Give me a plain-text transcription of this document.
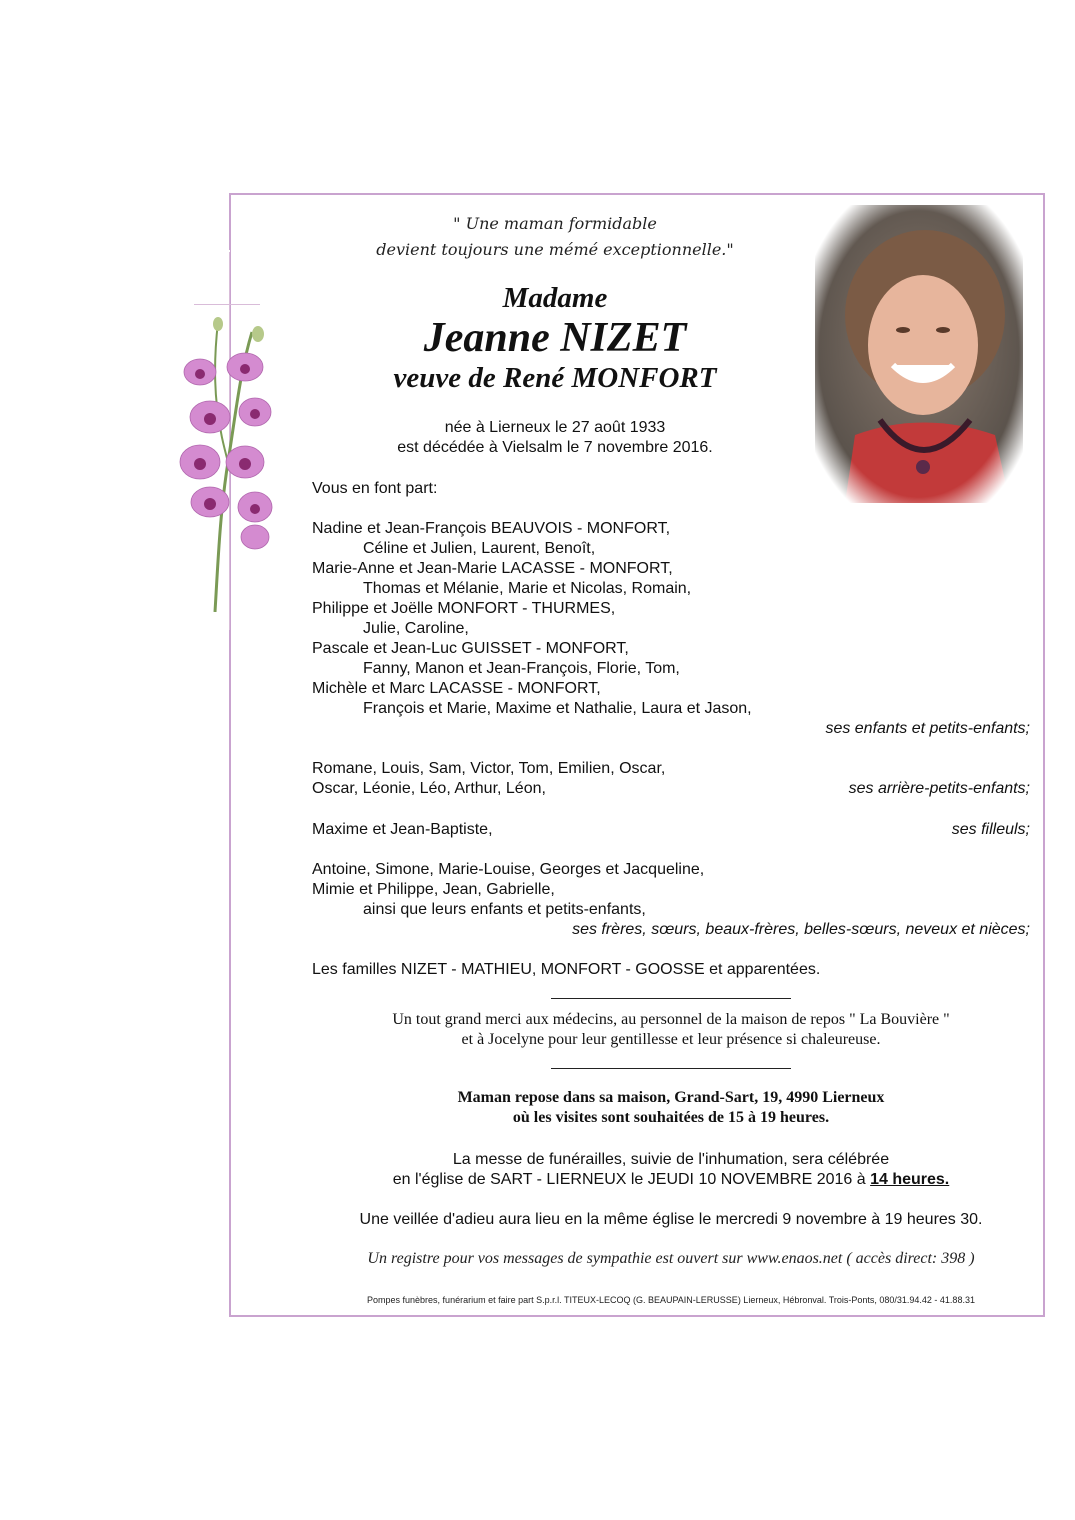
" Une maman formidable
devient toujours une mémé exceptionnelle."
Madame
Jeanne NIZET
veuve de René MONFORT
née à Lierneux le 27 août 1933
est décédée à Vielsalm le 7 novembre 2016.
Vous en font part:
Nadine et Jean-François BEAUVOIS - MONFORT,
Céline et Julien, Laurent, Benoît,
Marie-Anne et Jean-Marie LACASSE - MONFORT,
Thomas et Mélanie, Marie et Nicolas, Romain,
Philippe et Joëlle MONFORT - THURMES,
Julie, Caroline,
Pascale et Jean-Luc GUISSET - MONFORT,
Fanny, Manon et Jean-François, Florie, Tom,
Michèle et Marc LACASSE - MONFORT,
François et Marie, Maxime et Nathalie, Laura et Jason,
ses enfants et petits-enfants;
Romane, Louis, Sam, Victor, Tom, Emilien, Oscar,
Oscar, Léonie, Léo, Arthur, Léon,	ses arrière-petits-enfants;
Maxime et Jean-Baptiste,	ses filleuls;
Antoine, Simone, Marie-Louise, Georges et Jacqueline,
Mimie et Philippe, Jean, Gabrielle,
ainsi que leurs enfants et petits-enfants,
ses frères, sœurs, beaux-frères, belles-sœurs, neveux et nièces;
Les familles NIZET - MATHIEU, MONFORT - GOOSSE et apparentées.
Un tout grand merci aux médecins, au personnel de la maison de repos " La Bouvière "
et à Jocelyne pour leur gentillesse et leur présence si chaleureuse.
Maman repose dans sa maison, Grand-Sart, 19, 4990 Lierneux
où les visites sont souhaitées de 15 à 19 heures.
La messe de funérailles, suivie de l'inhumation, sera célébrée
en l'église de SART - LIERNEUX le JEUDI 10 NOVEMBRE 2016 à 14 heures.
Une veillée d'adieu aura lieu en la même église le mercredi 9 novembre à 19 heures 30.
Un registre pour vos messages de sympathie est ouvert sur www.enaos.net ( accès direct: 398 )
Pompes funèbres, funérarium et faire part S.p.r.l. TITEUX-LECOQ (G. BEAUPAIN-LERUSSE) Lierneux, Hébronval. Trois-Ponts, 080/31.94.42 - 41.88.31
